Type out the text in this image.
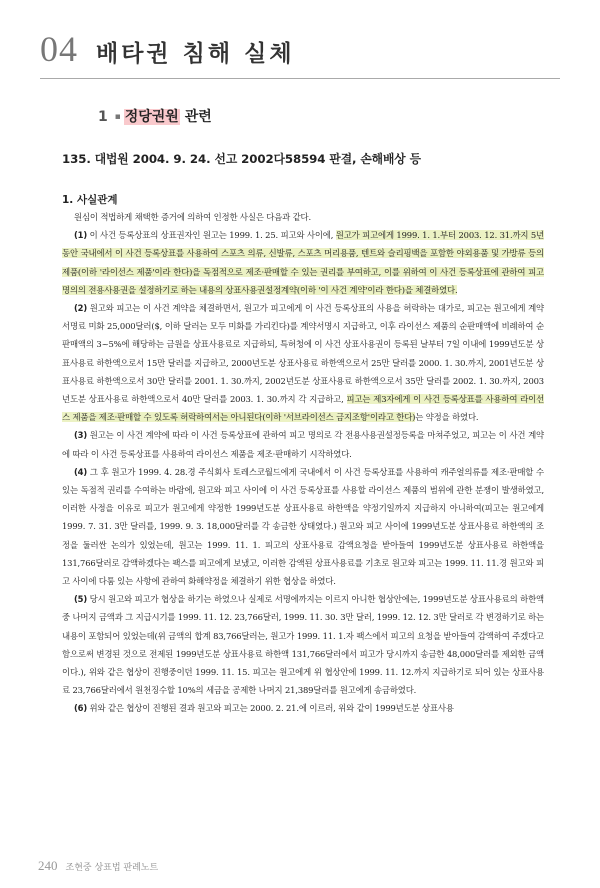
04 배타권 침해 실체
1 ▪ 정당권원 관련
135. 대법원 2004. 9. 24. 선고 2002다58594 판결, 손해배상 등
1. 사실관계

원심이 적법하게 채택한 증거에 의하여 인정한 사실은 다음과 같다.

(1) 이 사건 등록상표의 상표권자인 원고는 1999. 1. 25. 피고와 사이에, 원고가 피고에게 1999. 1. 1.부터 2003. 12. 31.까지 5년 동안 국내에서 이 사건 등록상표를 사용하여 스포츠 의류, 신발류, 스포츠 머리용품, 텐트와 슬리핑백을 포함한 야외용품 및 가방류 등의 제품(이하 '라이선스 제품'이라 한다)을 독점적으로 제조·판매할 수 있는 권리를 부여하고, 이를 위하여 이 사건 등록상표에 관하여 피고 명의의 전용사용권을 설정하기로 하는 내용의 상표사용권설정계약(이하 '이 사건 계약'이라 한다)을 체결하였다.

(2) 원고와 피고는 이 사건 계약을 체결하면서, 원고가 피고에게 이 사건 등록상표의 사용을 허락하는 대가로, 피고는 원고에게 계약서명료 미화 25,000달러($, 이하 달러는 모두 미화를 가리킨다)를 계약서명시 지급하고, 이후 라이선스 제품의 순판매액에 비례하여 순판매액의 3~5%에 해당하는 금원을 상표사용료로 지급하되, 특허청에 이 사건 상표사용권이 등록된 날부터 7일 이내에 1999년도분 상표사용료 하한액으로서 15만 달러를 지급하고, 2000년도분 상표사용료 하한액으로서 25만 달러를 2000. 1. 30.까지, 2001년도분 상표사용료 하한액으로서 30만 달러를 2001. 1. 30.까지, 2002년도분 상표사용료 하한액으로서 35만 달러를 2002. 1. 30.까지, 2003년도분 상표사용료 하한액으로서 40만 달러를 2003. 1. 30.까지 각 지급하고, 피고는 제3자에게 이 사건 등록상표를 사용하여 라이선스 제품을 제조·판매할 수 있도록 허락하여서는 아니된다(이하 '서브라이선스 금지조항'이라고 한다)는 약정을 하였다.

(3) 원고는 이 사건 계약에 따라 이 사건 등록상표에 관하여 피고 명의로 각 전용사용권설정등록을 마쳐주었고, 피고는 이 사건 계약에 따라 이 사건 등록상표를 사용하여 라이선스 제품을 제조·판매하기 시작하였다.

(4) 그 후 원고가 1999. 4. 28.경 주식회사 토레스코월드에게 국내에서 이 사건 등록상표를 사용하여 캐주얼의류를 제조·판매할 수 있는 독점적 권리를 수여하는 바람에, 원고와 피고 사이에 이 사건 등록상표를 사용할 라이선스 제품의 범위에 관한 분쟁이 발생하였고, 이러한 사정을 이유로 피고가 원고에게 약정한 1999년도분 상표사용료 하한액을 약정기일까지 지급하지 아니하여(피고는 원고에게 1999. 7. 31. 3만 달러를, 1999. 9. 3. 18,000달러를 각 송금한 상태였다.) 원고와 피고 사이에 1999년도분 상표사용료 하한액의 조정을 둘러싼 논의가 있었는데, 원고는 1999. 11. 1. 피고의 상표사용료 감액요청을 받아들여 1999년도분 상표사용료 하한액을 131,766달러로 감액하겠다는 팩스를 피고에게 보냈고, 이러한 감액된 상표사용료를 기초로 원고와 피고는 1999. 11. 11.경 원고와 피고 사이에 다툼 있는 사항에 관하여 화해약정을 체결하기 위한 협상을 하였다.

(5) 당시 원고와 피고가 협상을 하기는 하였으나 실제로 서명에까지는 이르지 아니한 협상안에는, 1999년도분 상표사용료의 하한액 중 나머지 금액과 그 지급시기를 1999. 11. 12. 23,766달러, 1999. 11. 30. 3만 달러, 1999. 12. 12. 3만 달러로 각 변경하기로 하는 내용이 포함되어 있었는데(위 금액의 합계 83,766달러는, 원고가 1999. 11. 1.자 팩스에서 피고의 요청을 받아들여 감액하여 주겠다고 함으로써 변경된 것으로 전제된 1999년도분 상표사용료 하한액 131,766달러에서 피고가 당시까지 송금한 48,000달러를 제외한 금액이다.), 위와 같은 협상이 진행중이던 1999. 11. 15. 피고는 원고에게 위 협상안에 1999. 11. 12.까지 지급하기로 되어 있는 상표사용료 23,766달러에서 원천징수할 10%의 세금을 공제한 나머지 21,389달러를 원고에게 송금하였다.

(6) 위와 같은 협상이 진행된 결과 원고와 피고는 2000. 2. 21.에 이르러, 위와 같이 1999년도분 상표사용

240 조현중 상표법 판례노트
